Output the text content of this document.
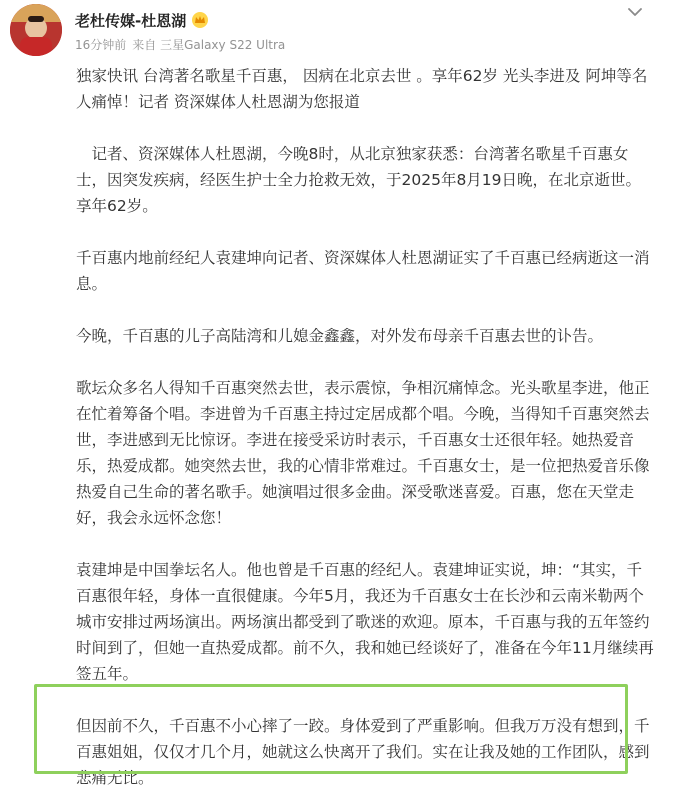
老杜传媒-杜恩湖
16分钟前 来自 三星Galaxy S22 Ultra

独家快讯 台湾著名歌星千百惠， 因病在北京去世 。享年62岁 光头李进及 阿坤等名人痛悼！记者 资深媒体人杜恩湖为您报道

记者、资深媒体人杜恩湖，今晚8时，从北京独家获悉：台湾著名歌星千百惠女士，因突发疾病，经医生护士全力抢救无效，于2025年8月19日晚，在北京逝世。享年62岁。

千百惠内地前经纪人袁建坤向记者、资深媒体人杜恩湖证实了千百惠已经病逝这一消息。

今晚，千百惠的儿子高陆湾和儿媳金鑫鑫，对外发布母亲千百惠去世的讣告。

歌坛众多名人得知千百惠突然去世，表示震惊，争相沉痛悼念。光头歌星李进，他正在忙着筹备个唱。李进曾为千百惠主持过定居成都个唱。今晚，当得知千百惠突然去世，李进感到无比惊讶。李进在接受采访时表示，千百惠女士还很年轻。她热爱音乐，热爱成都。她突然去世，我的心情非常难过。千百惠女士，是一位把热爱音乐像热爱自己生命的著名歌手。她演唱过很多金曲。深受歌迷喜爱。百惠，您在天堂走好，我会永远怀念您！

袁建坤是中国拳坛名人。他也曾是千百惠的经纪人。袁建坤证实说，坤：“其实，千百惠很年轻，身体一直很健康。今年5月，我还为千百惠女士在长沙和云南米勒两个城市安排过两场演出。两场演出都受到了歌迷的欢迎。原本，千百惠与我的五年签约时间到了，但她一直热爱成都。前不久，我和她已经谈好了，准备在今年11月继续再签五年。

但因前不久，千百惠不小心摔了一跤。身体爱到了严重影响。但我万万没有想到，千百惠姐姐，仅仅才几个月，她就这么快离开了我们。实在让我及她的工作团队，感到悲痛无比。
